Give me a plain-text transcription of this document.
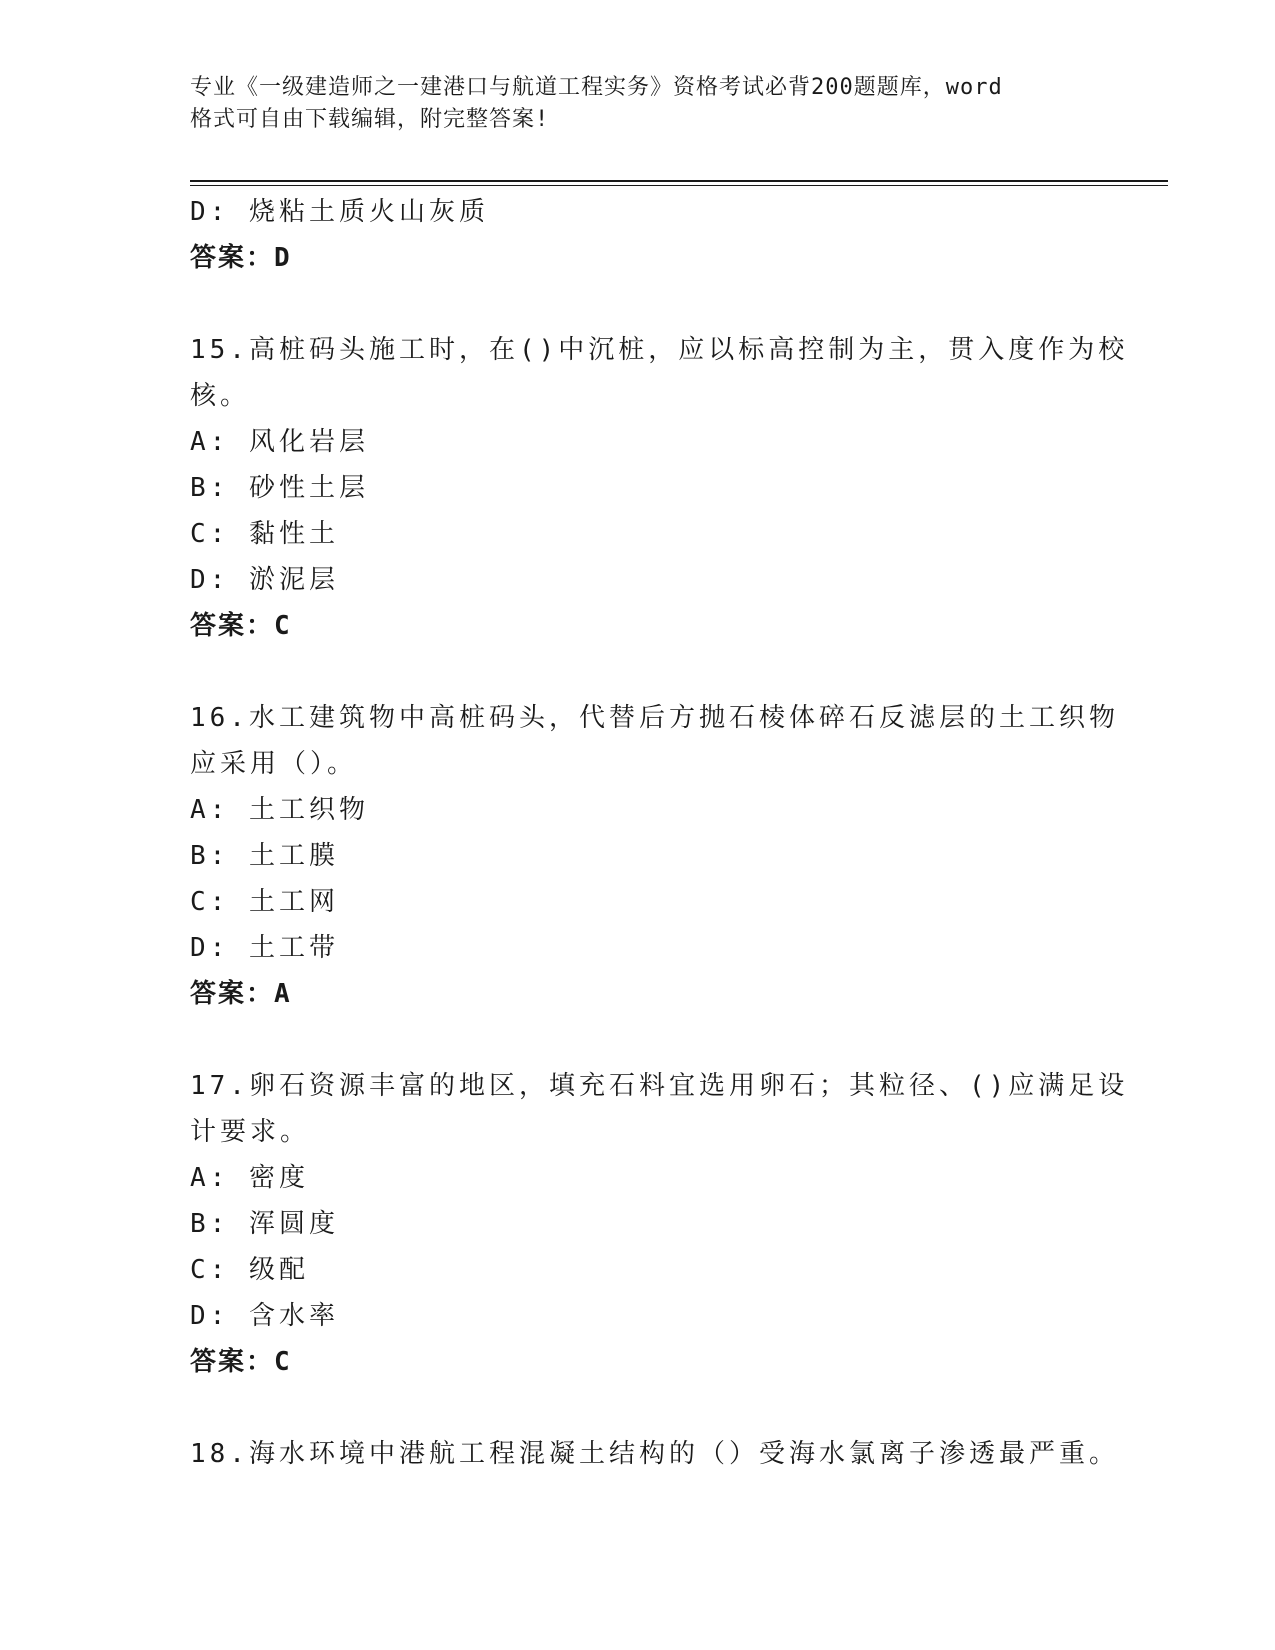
专业《一级建造师之一建港口与航道工程实务》资格考试必背200题题库，word
格式可自由下载编辑，附完整答案!
D: 烧粘土质火山灰质
答案：D
15.高桩码头施工时，在()中沉桩，应以标高控制为主，贯入度作为校
核。
A: 风化岩层
B: 砂性土层
C: 黏性土
D: 淤泥层
答案：C
16.水工建筑物中高桩码头，代替后方抛石棱体碎石反滤层的土工织物
应采用（）。
A: 土工织物
B: 土工膜
C: 土工网
D: 土工带
答案：A
17.卵石资源丰富的地区，填充石料宜选用卵石；其粒径、()应满足设
计要求。
A: 密度
B: 浑圆度
C: 级配
D: 含水率
答案：C
18.海水环境中港航工程混凝土结构的（）受海水氯离子渗透最严重。
